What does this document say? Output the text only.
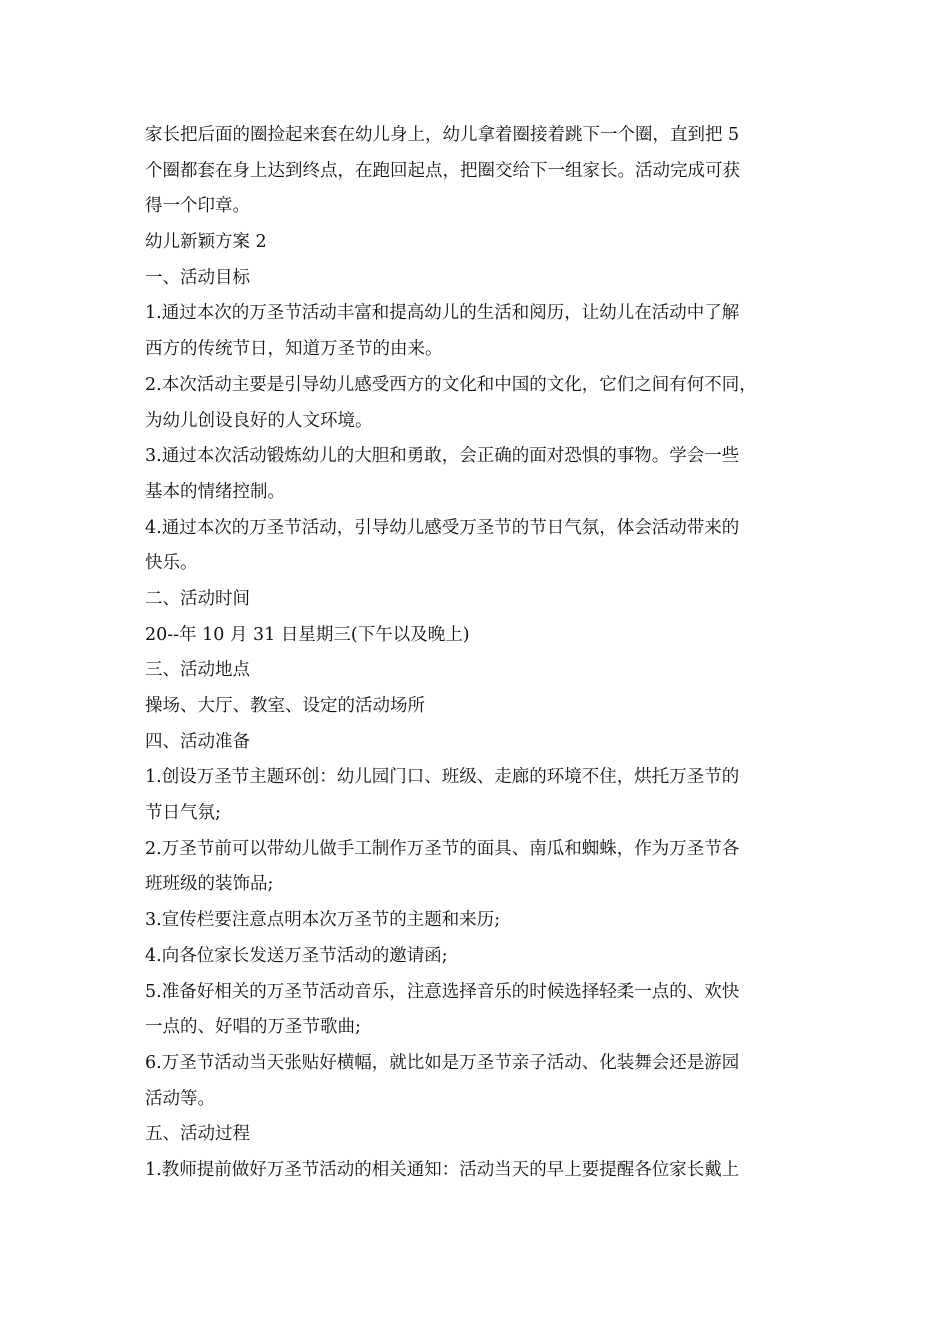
家长把后面的圈捡起来套在幼儿身上，幼儿拿着圈接着跳下一个圈，直到把 5
个圈都套在身上达到终点，在跑回起点，把圈交给下一组家长。活动完成可获
得一个印章。
幼儿新颖方案 2
一、活动目标
1.通过本次的万圣节活动丰富和提高幼儿的生活和阅历，让幼儿在活动中了解
西方的传统节日，知道万圣节的由来。
2.本次活动主要是引导幼儿感受西方的文化和中国的文化，它们之间有何不同，
为幼儿创设良好的人文环境。
3.通过本次活动锻炼幼儿的大胆和勇敢，会正确的面对恐惧的事物。学会一些
基本的情绪控制。
4.通过本次的万圣节活动，引导幼儿感受万圣节的节日气氛，体会活动带来的
快乐。
二、活动时间
20--年 10 月 31 日星期三(下午以及晚上)
三、活动地点
操场、大厅、教室、设定的活动场所
四、活动准备
1.创设万圣节主题环创：幼儿园门口、班级、走廊的环境不住，烘托万圣节的
节日气氛;
2.万圣节前可以带幼儿做手工制作万圣节的面具、南瓜和蜘蛛，作为万圣节各
班班级的装饰品;
3.宣传栏要注意点明本次万圣节的主题和来历;
4.向各位家长发送万圣节活动的邀请函;
5.准备好相关的万圣节活动音乐，注意选择音乐的时候选择轻柔一点的、欢快
一点的、好唱的万圣节歌曲;
6.万圣节活动当天张贴好横幅，就比如是万圣节亲子活动、化装舞会还是游园
活动等。
五、活动过程
1.教师提前做好万圣节活动的相关通知：活动当天的早上要提醒各位家长戴上
